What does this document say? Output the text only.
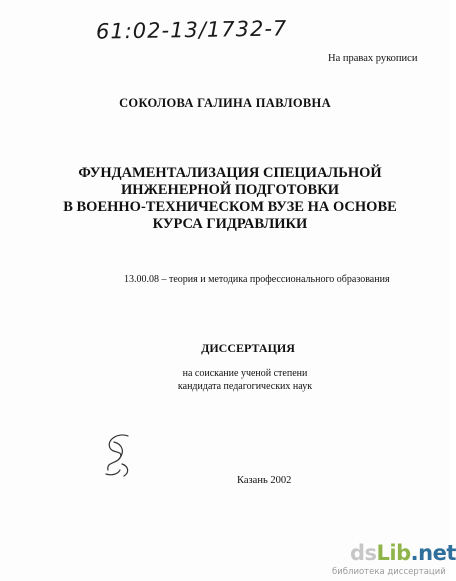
61:02-13/1732-7
На правах рукописи
СОКОЛОВА ГАЛИНА ПАВЛОВНА
ФУНДАМЕНТАЛИЗАЦИЯ СПЕЦИАЛЬНОЙ
ИНЖЕНЕРНОЙ ПОДГОТОВКИ
В ВОЕННО-ТЕХНИЧЕСКОМ ВУЗЕ НА ОСНОВЕ
КУРСА ГИДРАВЛИКИ
13.00.08 – теория и методика профессионального образования
ДИССЕРТАЦИЯ
на соискание ученой степени
кандидата педагогических наук
Казань 2002
dsLib.net
библиотека диссертаций
